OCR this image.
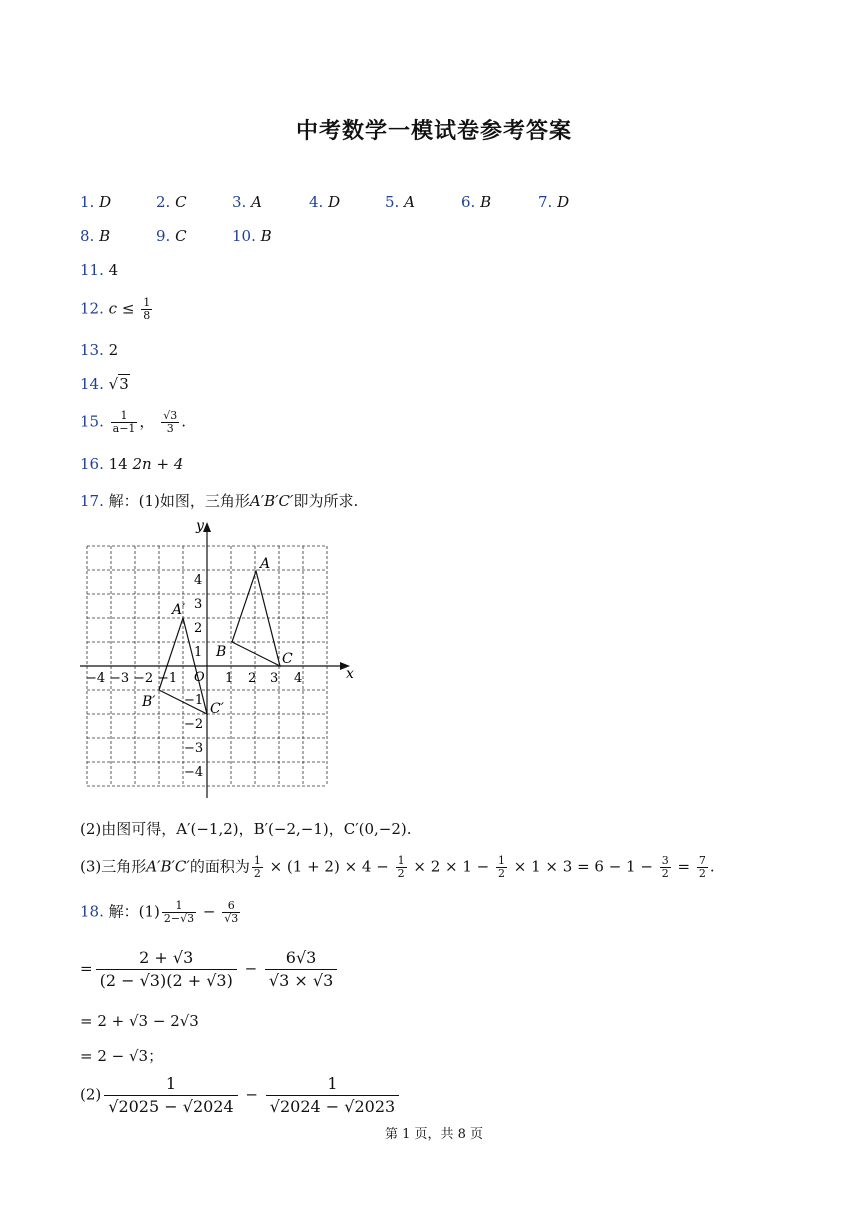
中考数学一模试卷参考答案
1. D	2. C	3. A	4. D	5. A	6. B	7. D
8. B	9. C	10. B
11. 4
12. $c \le \frac{1}{8}$
13. 2
14. √3
15. $\frac{1}{a-1}$ ， $\frac{√3}{3}$ .
16. 14 2n + 4
17. 解：(1)如图，三角形A′B′C′即为所求.
x
y
O
−4 −3 −2 −1	1 2 3 4
4
3
2
1
−1
−2
−3
−4
A
B	C
A′
B′	C′
(2)由图可得，A′(−1,2)，B′(−2,−1)，C′(0,−2).
(3)三角形A′B′C′的面积为 $\frac{1}{2} \times (1 + 2) \times 4 - \frac{1}{2} \times 2 \times 1 - \frac{1}{2} \times 1 \times 3 = 6 - 1 - \frac{3}{2} = \frac{7}{2}$ .
18. 解：$(1) \frac{1}{2-√3} - \frac{6}{√3}$
= $\frac{2 + √3}{(2 - √3)(2 + √3)} - \frac{6√3}{√3 \times √3}$
= 2 + √3 − 2√3
= 2 − √3；
$(2) \frac{1}{√2025 - √2024} - \frac{1}{√2024 - √2023}$
第 1 页，共 8 页
